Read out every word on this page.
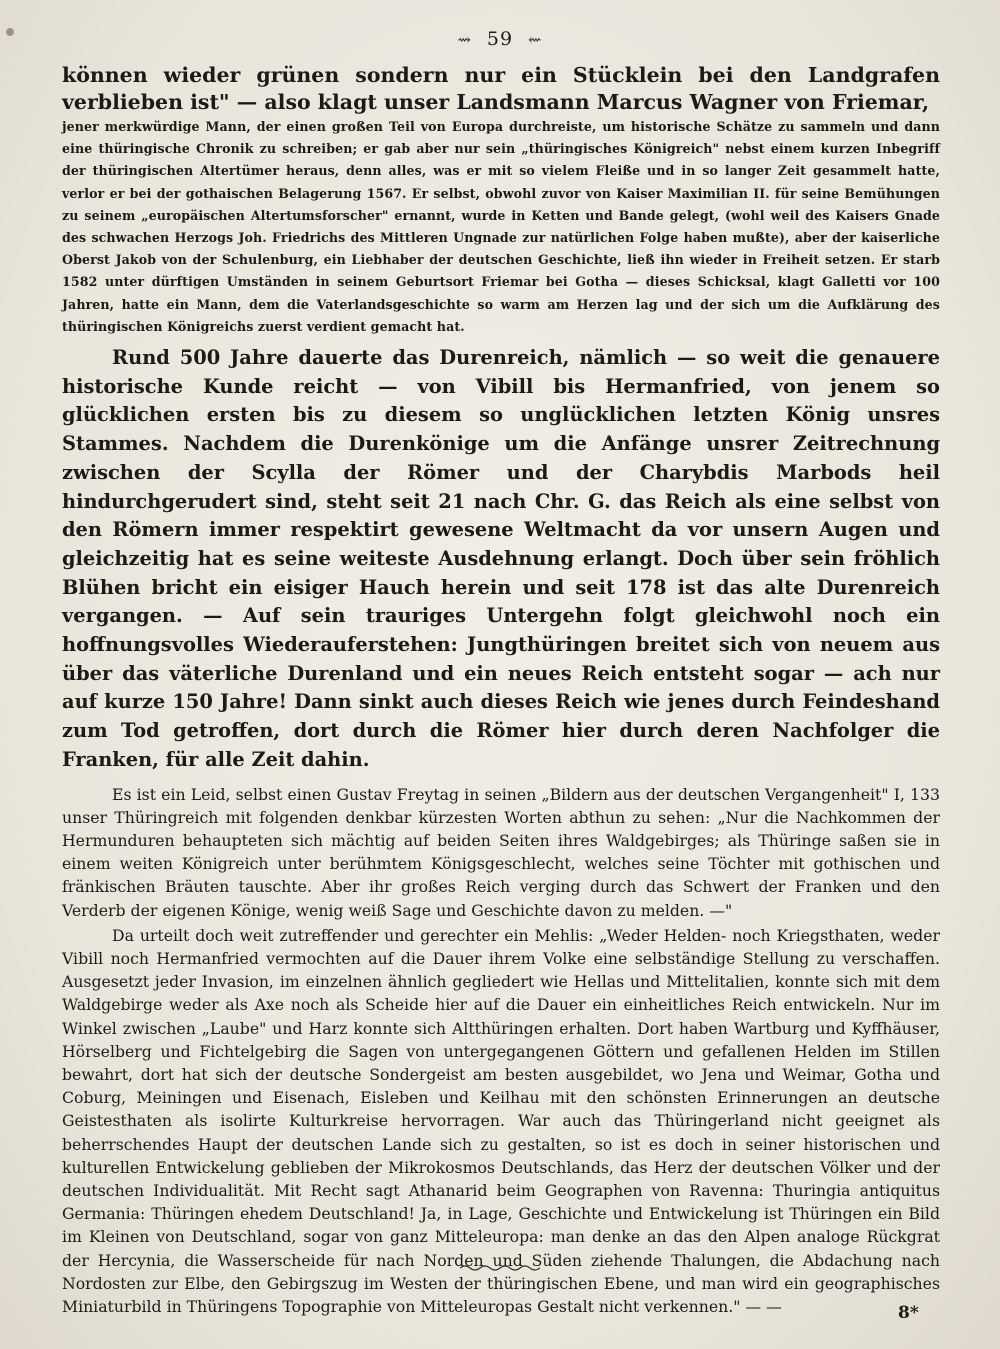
⇝ 59 ⇜

können wieder grünen sondern nur ein Stücklein bei den Landgrafen verblieben ist" — also klagt unser Landsmann Marcus Wagner von Friemar,

jener merkwürdige Mann, der einen großen Teil von Europa durchreiste, um historische Schätze zu sammeln und dann eine thüringische Chronik zu schreiben; er gab aber nur sein „thüringisches Königreich" nebst einem kurzen Inbegriff der thüringischen Altertümer heraus, denn alles, was er mit so vielem Fleiße und in so langer Zeit gesammelt hatte, verlor er bei der gothaischen Belagerung 1567. Er selbst, obwohl zuvor von Kaiser Maximilian II. für seine Bemühungen zu seinem „europäischen Altertumsforscher" ernannt, wurde in Ketten und Bande gelegt, (wohl weil des Kaisers Gnade des schwachen Herzogs Joh. Friedrichs des Mittleren Ungnade zur natürlichen Folge haben mußte), aber der kaiserliche Oberst Jakob von der Schulenburg, ein Liebhaber der deutschen Geschichte, ließ ihn wieder in Freiheit setzen. Er starb 1582 unter dürftigen Umständen in seinem Geburtsort Friemar bei Gotha — dieses Schicksal, klagt Galletti vor 100 Jahren, hatte ein Mann, dem die Vaterlandsgeschichte so warm am Herzen lag und der sich um die Aufklärung des thüringischen Königreichs zuerst verdient gemacht hat.

Rund 500 Jahre dauerte das Durenreich, nämlich — so weit die genauere historische Kunde reicht — von Vibill bis Hermanfried, von jenem so glücklichen ersten bis zu diesem so unglücklichen letzten König unsres Stammes. Nachdem die Durenkönige um die Anfänge unsrer Zeitrechnung zwischen der Scylla der Römer und der Charybdis Marbods heil hindurchgerudert sind, steht seit 21 nach Chr. G. das Reich als eine selbst von den Römern immer respektirt gewesene Weltmacht da vor unsern Augen und gleichzeitig hat es seine weiteste Ausdehnung erlangt. Doch über sein fröhlich Blühen bricht ein eisiger Hauch herein und seit 178 ist das alte Durenreich vergangen. — Auf sein trauriges Untergehn folgt gleichwohl noch ein hoffnungsvolles Wiederauferstehen: Jungthüringen breitet sich von neuem aus über das väterliche Durenland und ein neues Reich entsteht sogar — ach nur auf kurze 150 Jahre! Dann sinkt auch dieses Reich wie jenes durch Feindeshand zum Tod getroffen, dort durch die Römer hier durch deren Nachfolger die Franken, für alle Zeit dahin.

Es ist ein Leid, selbst einen Gustav Freytag in seinen „Bildern aus der deutschen Vergangenheit" I, 133 unser Thüringreich mit folgenden denkbar kürzesten Worten abthun zu sehen: „Nur die Nachkommen der Hermunduren behaupteten sich mächtig auf beiden Seiten ihres Waldgebirges; als Thüringe saßen sie in einem weiten Königreich unter berühmtem Königsgeschlecht, welches seine Töchter mit gothischen und fränkischen Bräuten tauschte. Aber ihr großes Reich verging durch das Schwert der Franken und den Verderb der eigenen Könige, wenig weiß Sage und Geschichte davon zu melden. —"

Da urteilt doch weit zutreffender und gerechter ein Mehlis: „Weder Helden- noch Kriegsthaten, weder Vibill noch Hermanfried vermochten auf die Dauer ihrem Volke eine selbständige Stellung zu verschaffen. Ausgesetzt jeder Invasion, im einzelnen ähnlich gegliedert wie Hellas und Mittelitalien, konnte sich mit dem Waldgebirge weder als Axe noch als Scheide hier auf die Dauer ein einheitliches Reich entwickeln. Nur im Winkel zwischen „Laube" und Harz konnte sich Altthüringen erhalten. Dort haben Wartburg und Kyffhäuser, Hörselberg und Fichtelgebirg die Sagen von untergegangenen Göttern und gefallenen Helden im Stillen bewahrt, dort hat sich der deutsche Sondergeist am besten ausgebildet, wo Jena und Weimar, Gotha und Coburg, Meiningen und Eisenach, Eisleben und Keilhau mit den schönsten Erinnerungen an deutsche Geistesthaten als isolirte Kulturkreise hervorragen. War auch das Thüringerland nicht geeignet als beherrschendes Haupt der deutschen Lande sich zu gestalten, so ist es doch in seiner historischen und kulturellen Entwickelung geblieben der Mikrokosmos Deutschlands, das Herz der deutschen Völker und der deutschen Individualität. Mit Recht sagt Athanarid beim Geographen von Ravenna: Thuringia antiquitus Germania: Thüringen ehedem Deutschland! Ja, in Lage, Geschichte und Entwickelung ist Thüringen ein Bild im Kleinen von Deutschland, sogar von ganz Mitteleuropa: man denke an das den Alpen analoge Rückgrat der Hercynia, die Wasserscheide für nach Norden und Süden ziehende Thalungen, die Abdachung nach Nordosten zur Elbe, den Gebirgszug im Westen der thüringischen Ebene, und man wird ein geographisches Miniaturbild in Thüringens Topographie von Mitteleuropas Gestalt nicht verkennen." — —	8*
